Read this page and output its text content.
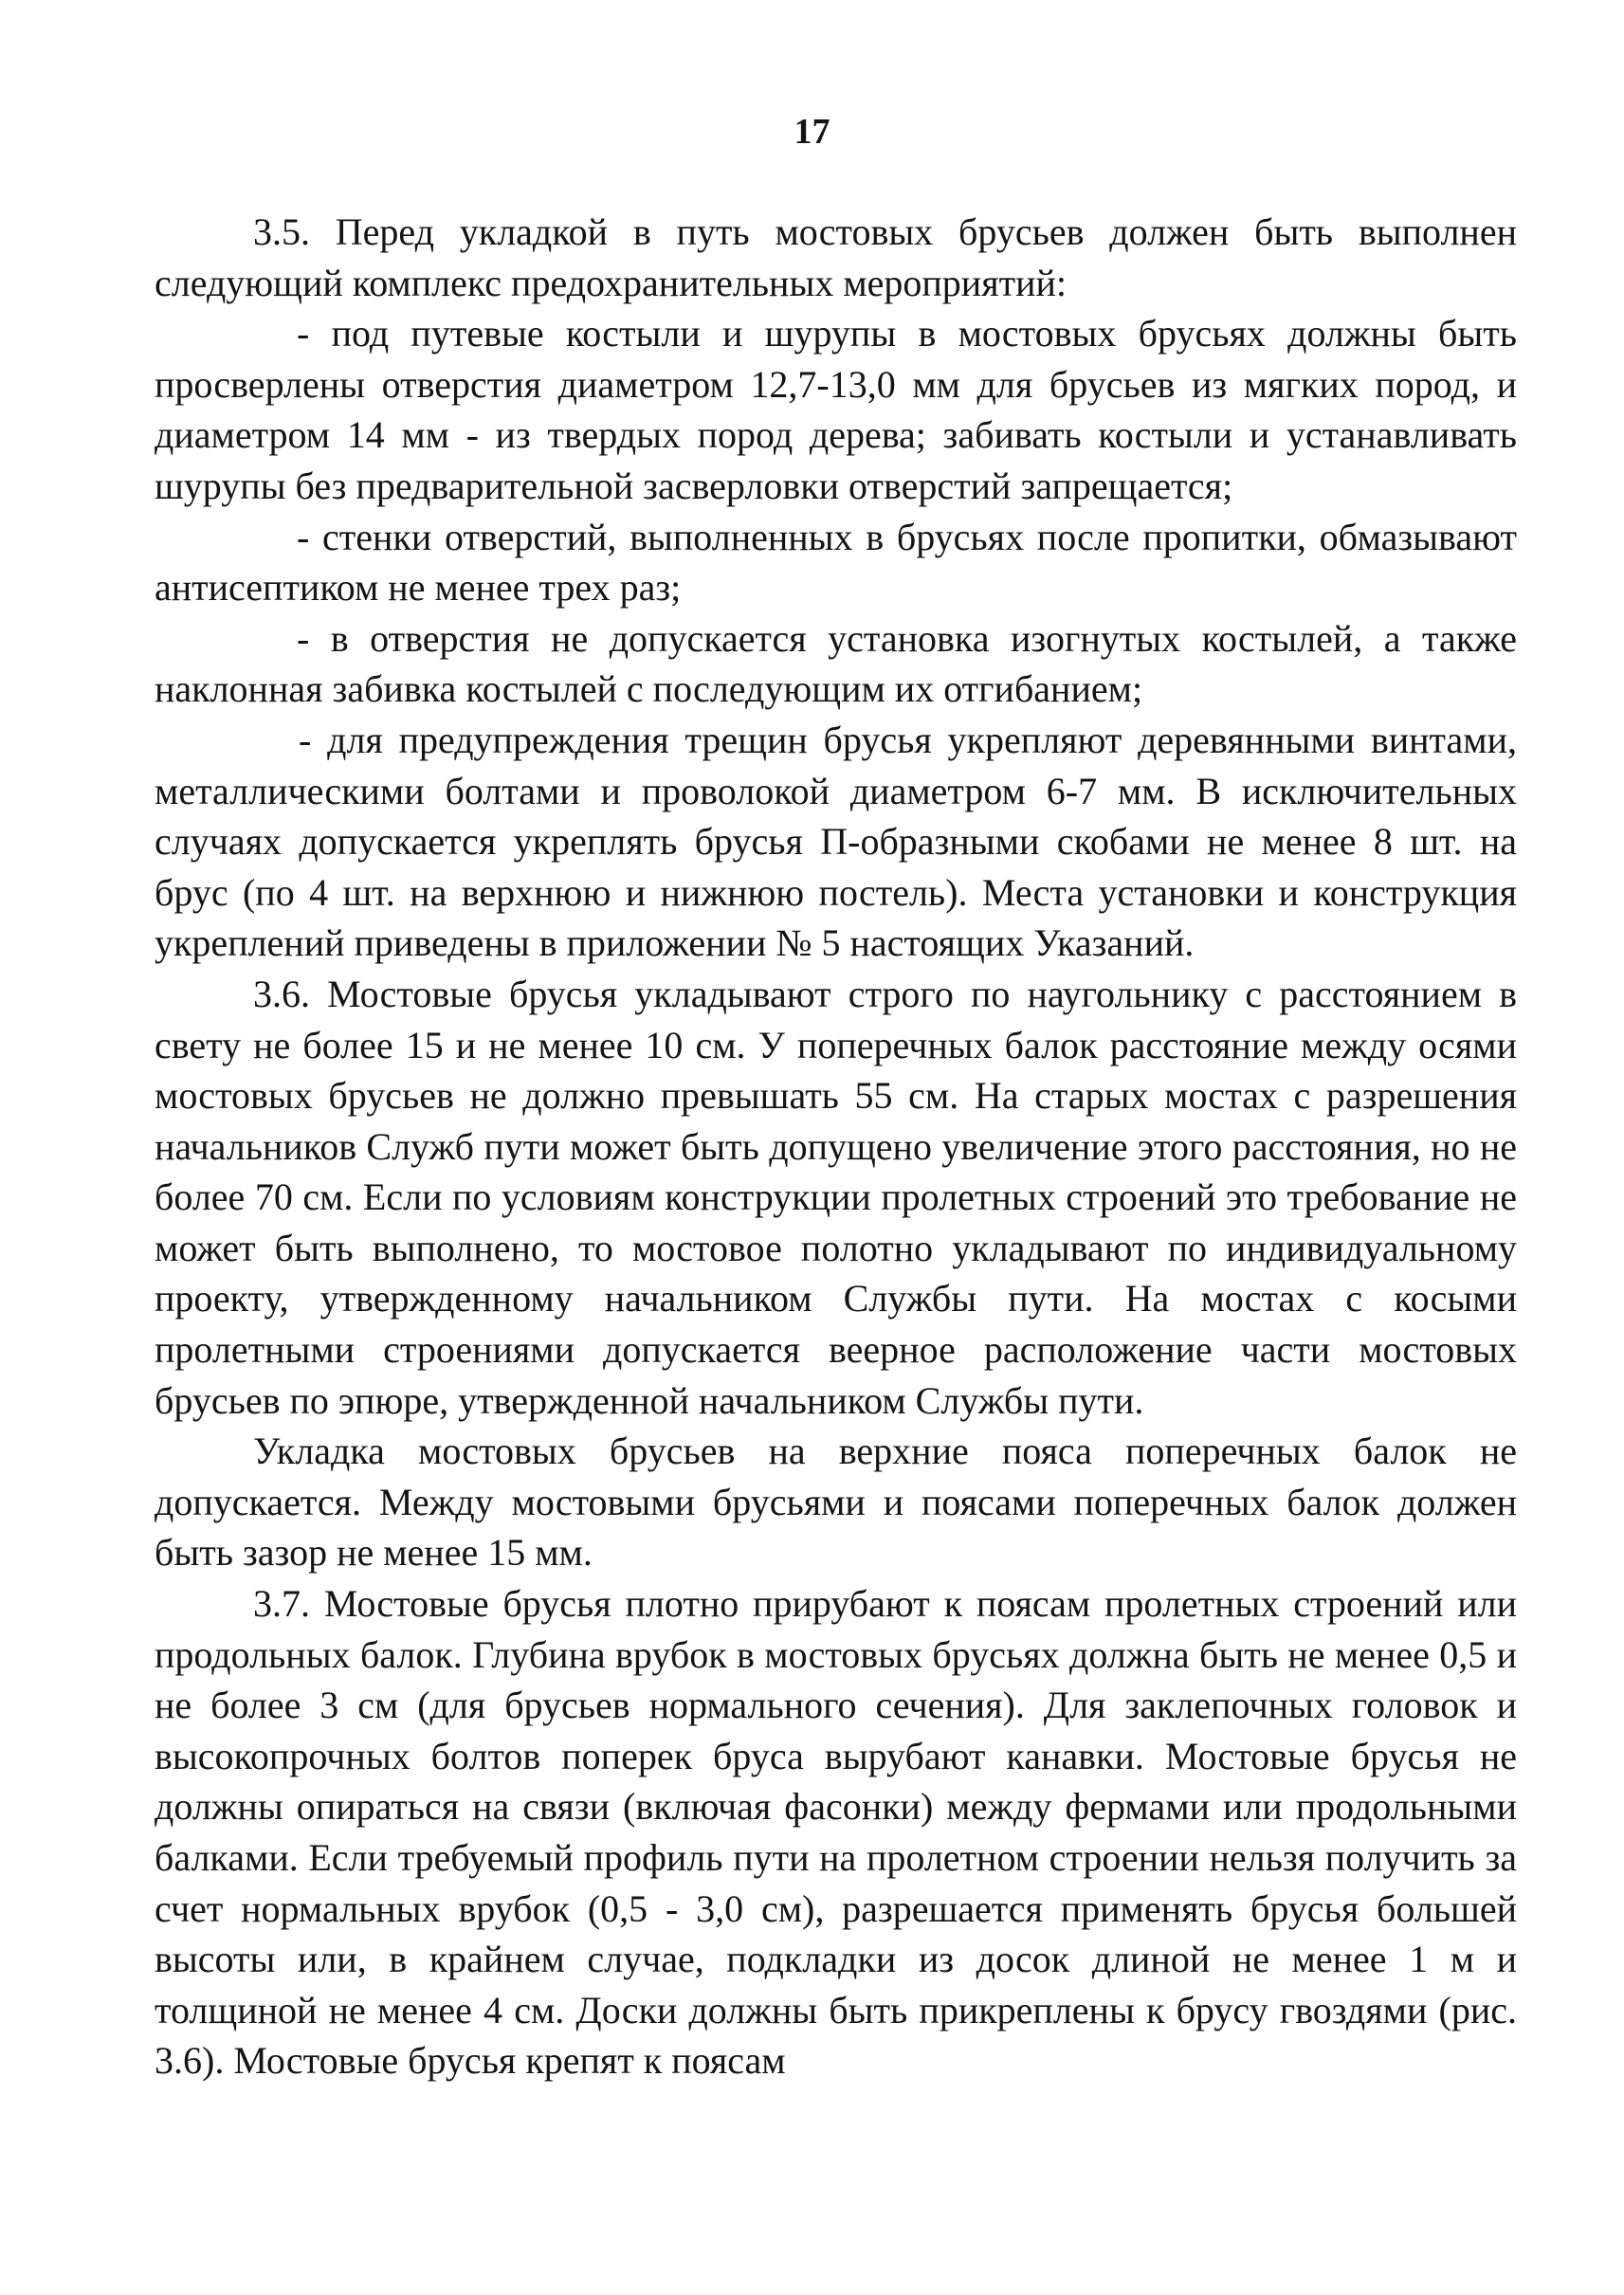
17

3.5. Перед укладкой в путь мостовых брусьев должен быть выполнен следующий комплекс предохранительных мероприятий:

- под путевые костыли и шурупы в мостовых брусьях должны быть просверлены отверстия диаметром 12,7-13,0 мм для брусьев из мягких пород, и диаметром 14 мм - из твердых пород дерева; забивать костыли и устанавливать шурупы без предварительной засверловки отверстий запрещается;

- стенки отверстий, выполненных в брусьях после пропитки, обмазывают антисептиком не менее трех раз;

- в отверстия не допускается установка изогнутых костылей, а также наклонная забивка костылей с последующим их отгибанием;

- для предупреждения трещин брусья укрепляют деревянными винтами, металлическими болтами и проволокой диаметром 6-7 мм. В исключительных случаях допускается укреплять брусья П-образными скобами не менее 8 шт. на брус (по 4 шт. на верхнюю и нижнюю постель). Места установки и конструкция укреплений приведены в приложении № 5 настоящих Указаний.

3.6. Мостовые брусья укладывают строго по наугольнику с расстоянием в свету не более 15 и не менее 10 см. У поперечных балок расстояние между осями мостовых брусьев не должно превышать 55 см. На старых мостах с разрешения начальников Служб пути может быть допущено увеличение этого расстояния, но не более 70 см. Если по условиям конструкции пролетных строений это требование не может быть выполнено, то мостовое полотно укладывают по индивидуальному проекту, утвержденному начальником Службы пути. На мостах с косыми пролетными строениями допускается веерное расположение части мостовых брусьев по эпюре, утвержденной начальником Службы пути.

Укладка мостовых брусьев на верхние пояса поперечных балок не допускается. Между мостовыми брусьями и поясами поперечных балок должен быть зазор не менее 15 мм.

3.7. Мостовые брусья плотно прирубают к поясам пролетных строений или продольных балок. Глубина врубок в мостовых брусьях должна быть не менее 0,5 и не более 3 см (для брусьев нормального сечения). Для заклепочных головок и высокопрочных болтов поперек бруса вырубают канавки. Мостовые брусья не должны опираться на связи (включая фасонки) между фермами или продольными балками. Если требуемый профиль пути на пролетном строении нельзя получить за счет нормальных врубок (0,5 - 3,0 см), разрешается применять брусья большей высоты или, в крайнем случае, подкладки из досок длиной не менее 1 м и толщиной не менее 4 см. Доски должны быть прикреплены к брусу гвоздями (рис. 3.6). Мостовые брусья крепят к поясам
